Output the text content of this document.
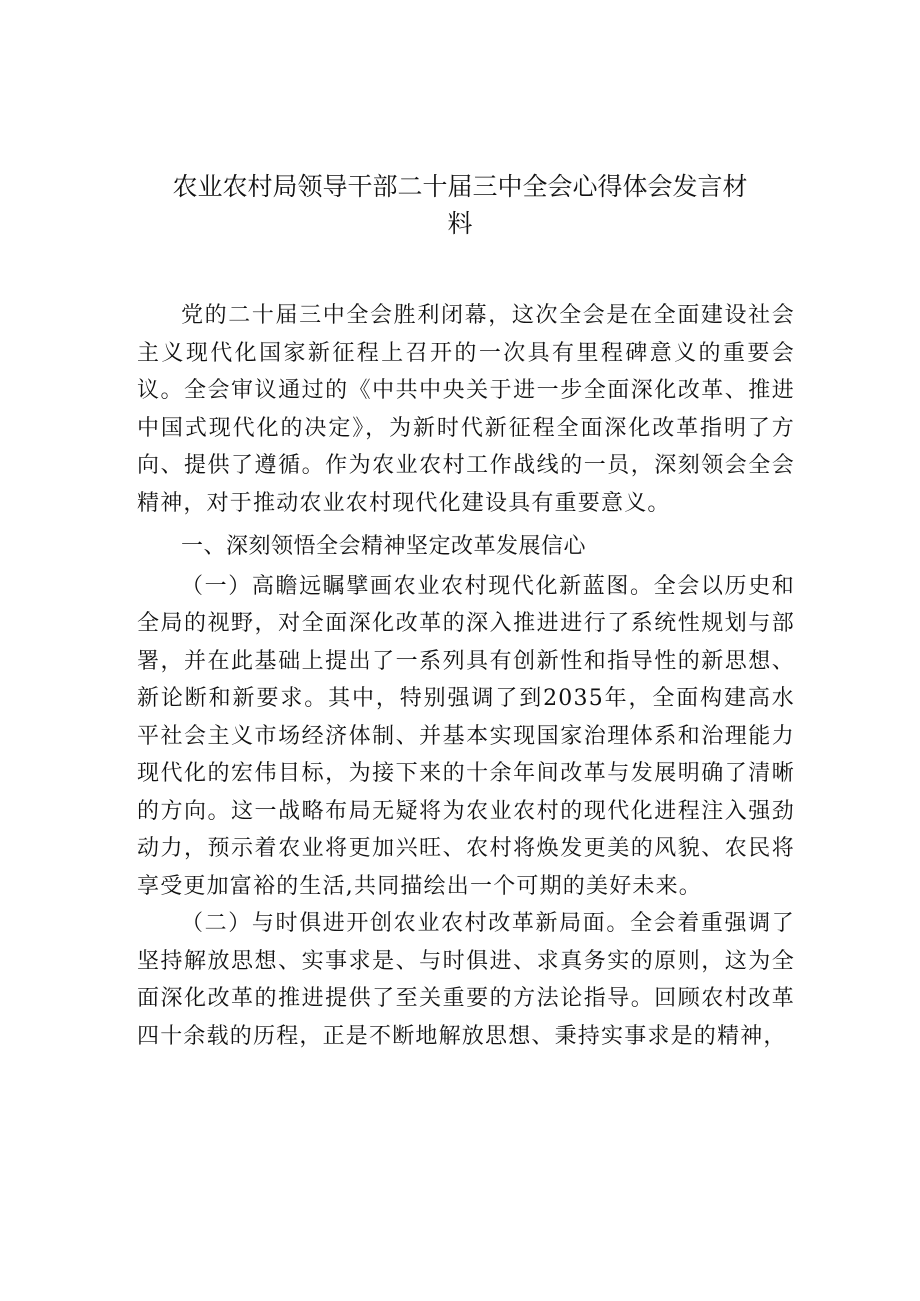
农业农村局领导干部二十届三中全会心得体会发言材
料

党的二十届三中全会胜利闭幕，这次全会是在全面建设社会主义现代化国家新征程上召开的一次具有里程碑意义的重要会议。全会审议通过的《中共中央关于进一步全面深化改革、推进中国式现代化的决定》，为新时代新征程全面深化改革指明了方向、提供了遵循。作为农业农村工作战线的一员，深刻领会全会精神，对于推动农业农村现代化建设具有重要意义。

一、深刻领悟全会精神坚定改革发展信心

（一）高瞻远瞩擘画农业农村现代化新蓝图。全会以历史和全局的视野，对全面深化改革的深入推进进行了系统性规划与部署，并在此基础上提出了一系列具有创新性和指导性的新思想、新论断和新要求。其中，特别强调了到2035年，全面构建高水平社会主义市场经济体制、并基本实现国家治理体系和治理能力现代化的宏伟目标，为接下来的十余年间改革与发展明确了清晰的方向。这一战略布局无疑将为农业农村的现代化进程注入强劲动力，预示着农业将更加兴旺、农村将焕发更美的风貌、农民将享受更加富裕的生活,共同描绘出一个可期的美好未来。

（二）与时俱进开创农业农村改革新局面。全会着重强调了坚持解放思想、实事求是、与时俱进、求真务实的原则，这为全面深化改革的推进提供了至关重要的方法论指导。回顾农村改革四十余载的历程，正是不断地解放思想、秉持实事求是的精神，
